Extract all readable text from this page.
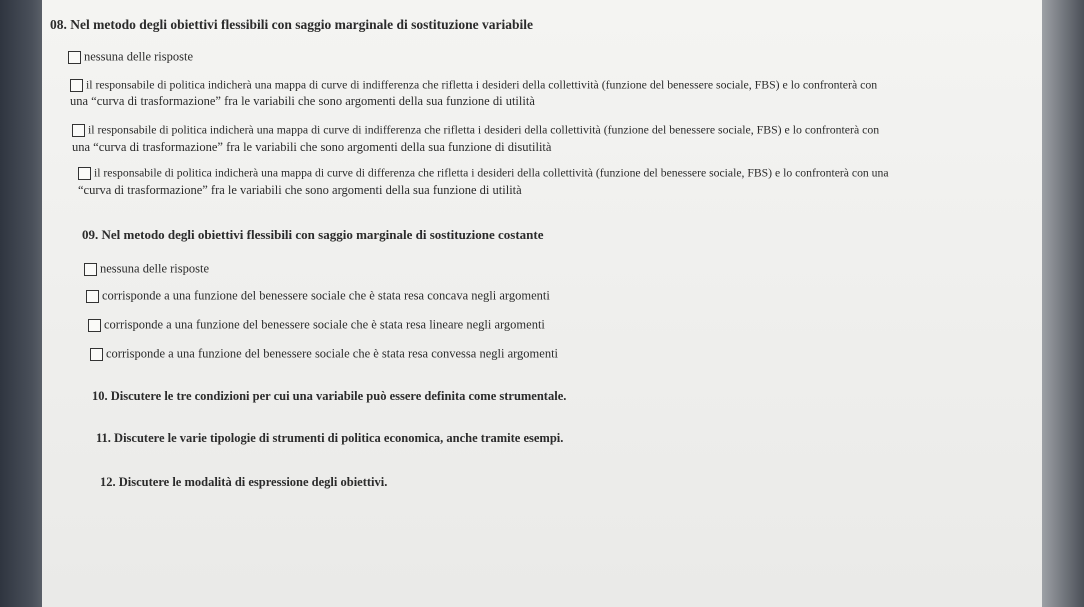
08. Nel metodo degli obiettivi flessibili con saggio marginale di sostituzione variabile
nessuna delle risposte
il responsabile di politica indicherà una mappa di curve di indifferenza che rifletta i desideri della collettività (funzione del benessere sociale, FBS) e lo confronterà con
una “curva di trasformazione” fra le variabili che sono argomenti della sua funzione di utilità
il responsabile di politica indicherà una mappa di curve di indifferenza che rifletta i desideri della collettività (funzione del benessere sociale, FBS) e lo confronterà con
una “curva di trasformazione” fra le variabili che sono argomenti della sua funzione di disutilità
il responsabile di politica indicherà una mappa di curve di differenza che rifletta i desideri della collettività (funzione del benessere sociale, FBS) e lo confronterà con una
“curva di trasformazione” fra le variabili che sono argomenti della sua funzione di utilità
09. Nel metodo degli obiettivi flessibili con saggio marginale di sostituzione costante
nessuna delle risposte
corrisponde a una funzione del benessere sociale che è stata resa concava negli argomenti
corrisponde a una funzione del benessere sociale che è stata resa lineare negli argomenti
corrisponde a una funzione del benessere sociale che è stata resa convessa negli argomenti
10. Discutere le tre condizioni per cui una variabile può essere definita come strumentale.
11. Discutere le varie tipologie di strumenti di politica economica, anche tramite esempi.
12. Discutere le modalità di espressione degli obiettivi.
